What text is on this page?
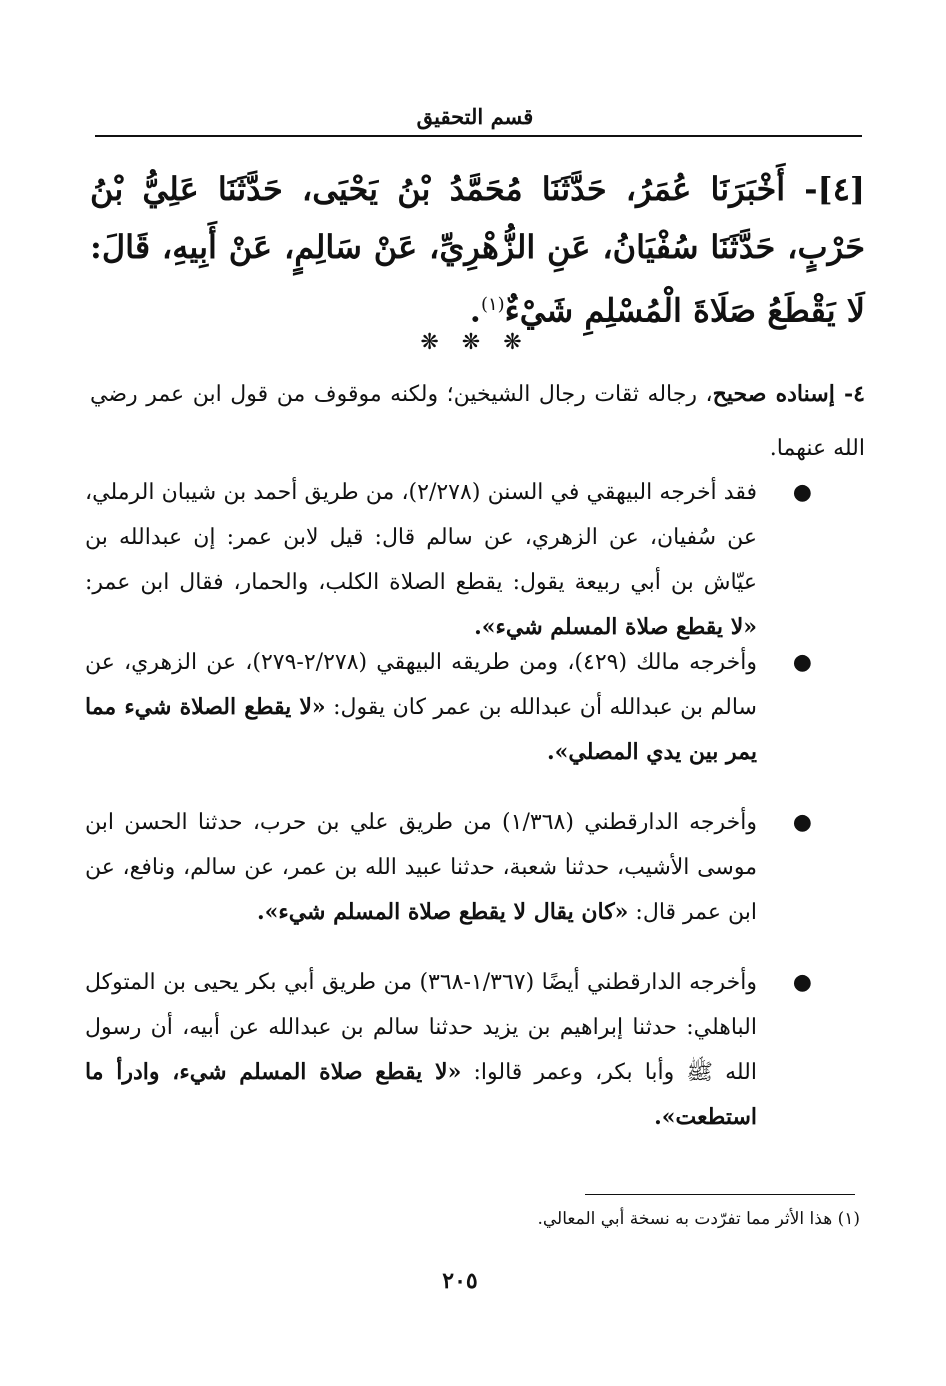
قسم التحقيق
[٤]- أَخْبَرَنَا عُمَرُ، حَدَّثَنَا مُحَمَّدُ بْنُ يَحْيَى، حَدَّثَنَا عَلِيُّ بْنُ حَرْبٍ، حَدَّثَنَا سُفْيَانُ، عَنِ الزُّهْرِيِّ، عَنْ سَالِمٍ، عَنْ أَبِيهِ، قَالَ: لَا يَقْطَعُ صَلَاةَ الْمُسْلِمِ شَيْءٌ$^{(١)}$.
❋ ❋ ❋
٤- إسناده صحيح، رجاله ثقات رجال الشيخين؛ ولكنه موقوف من قول ابن عمر رضي الله عنهما.
●
فقد أخرجه البيهقي في السنن (٢/٢٧٨)، من طريق أحمد بن شيبان الرملي، عن سُفيان، عن الزهري، عن سالم قال: قيل لابن عمر: إن عبدالله بن عيّاش بن أبي ربيعة يقول: يقطع الصلاة الكلب، والحمار، فقال ابن عمر: «لا يقطع صلاة المسلم شيء».
●
وأخرجه مالك (٤٢٩)، ومن طريقه البيهقي (٢/٢٧٨-٢٧٩)، عن الزهري، عن سالم بن عبدالله أن عبدالله بن عمر كان يقول: «لا يقطع الصلاة شيء مما يمر بين يدي المصلي».
●
وأخرجه الدارقطني (١/٣٦٨) من طريق علي بن حرب، حدثنا الحسن ابن موسى الأشيب، حدثنا شعبة، حدثنا عبيد الله بن عمر، عن سالم، ونافع، عن ابن عمر قال: «كان يقال لا يقطع صلاة المسلم شيء».
●
وأخرجه الدارقطني أيضًا (١/٣٦٧-٣٦٨) من طريق أبي بكر يحيى بن المتوكل الباهلي: حدثنا إبراهيم بن يزيد حدثنا سالم بن عبدالله عن أبيه، أن رسول الله ﷺ وأبا بكر، وعمر قالوا: «لا يقطع صلاة المسلم شيء، وادرأ ما استطعت».
(١) هذا الأثر مما تفرّدت به نسخة أبي المعالي.
٢٠٥
